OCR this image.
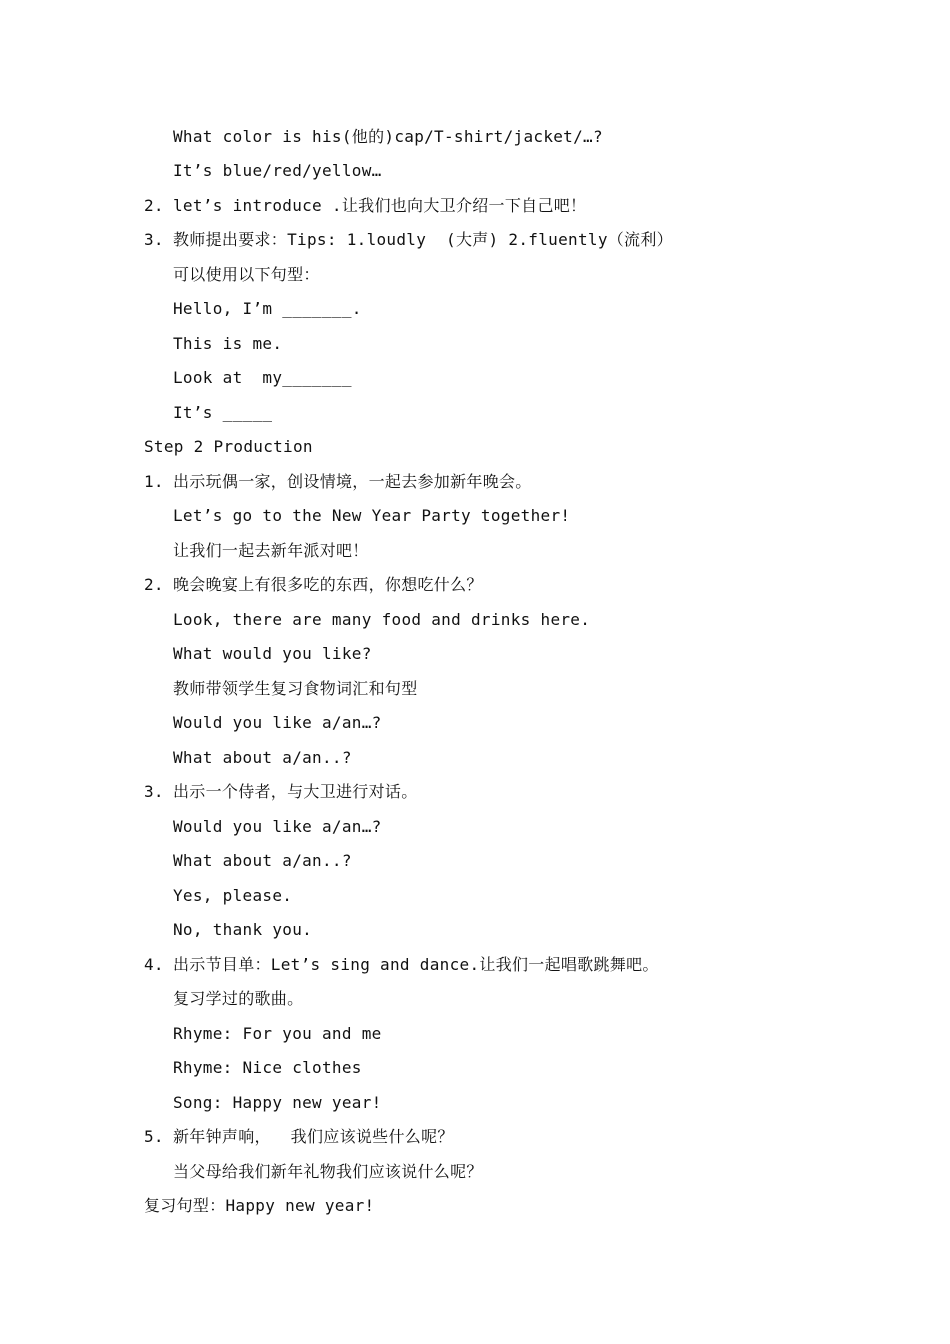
What color is his(他的)cap/T-shirt/jacket/…?
It’s blue/red/yellow…
2. let’s introduce .让我们也向大卫介绍一下自己吧！
3. 教师提出要求：Tips: 1.loudly  (大声) 2.fluently（流利）
可以使用以下句型：
Hello, I’m _______.
This is me.
Look at  my_______
It’s _____
Step 2 Production
1. 出示玩偶一家，创设情境，一起去参加新年晚会。
Let’s go to the New Year Party together!
让我们一起去新年派对吧！
2. 晚会晚宴上有很多吃的东西，你想吃什么？
Look, there are many food and drinks here.
What would you like?
教师带领学生复习食物词汇和句型
Would you like a/an…?
What about a/an..?
3. 出示一个侍者，与大卫进行对话。
Would you like a/an…?
What about a/an..?
Yes, please.
No, thank you.
4. 出示节目单：Let’s sing and dance.让我们一起唱歌跳舞吧。
复习学过的歌曲。
Rhyme: For you and me
Rhyme: Nice clothes
Song: Happy new year!
5. 新年钟声响，  我们应该说些什么呢？
当父母给我们新年礼物我们应该说什么呢？
复习句型：Happy new year!
